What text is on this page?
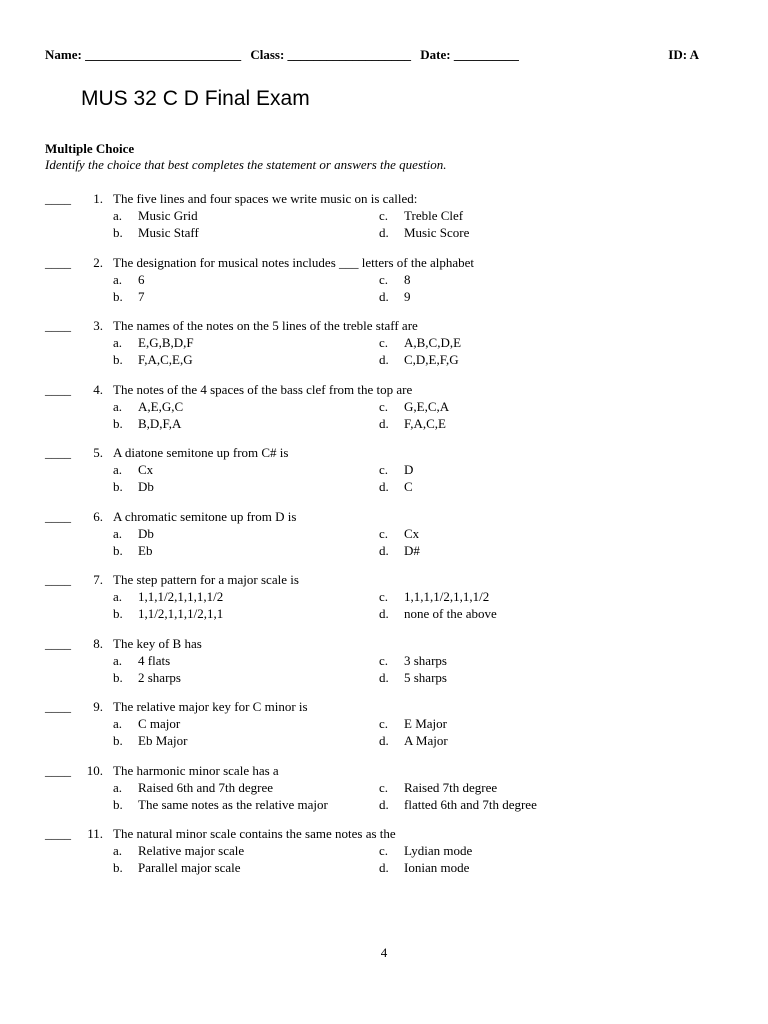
Name: ________________________ Class: ___________________ Date: __________	ID: A
MUS 32 C D Final Exam
Multiple Choice
Identify the choice that best completes the statement or answers the question.
____	1. The five lines and four spaces we write music on is called:
a.	Music Grid	c.	Treble Clef
b.	Music Staff	d.	Music Score
____	2. The designation for musical notes includes ___ letters of the alphabet
a.	6	c.	8
b.	7	d.	9
____	3. The names of the notes on the 5 lines of the treble staff are
a.	E,G,B,D,F	c.	A,B,C,D,E
b.	F,A,C,E,G	d.	C,D,E,F,G
____	4. The notes of the 4 spaces of the bass clef from the top are
a.	A,E,G,C	c.	G,E,C,A
b.	B,D,F,A	d.	F,A,C,E
____	5. A diatone semitone up from C# is
a.	Cx	c.	D
b.	Db	d.	C
____	6. A chromatic semitone up from D is
a.	Db	c.	Cx
b.	Eb	d.	D#
____	7. The step pattern for a major scale is
a.	1,1,1/2,1,1,1,1/2	c.	1,1,1,1/2,1,1,1/2
b.	1,1/2,1,1,1/2,1,1	d.	none of the above
____	8. The key of B has
a.	4 flats	c.	3 sharps
b.	2 sharps	d.	5 sharps
____	9. The relative major key for C minor is
a.	C major	c.	E Major
b.	Eb Major	d.	A Major
____	10. The harmonic minor scale has a
a.	Raised 6th and 7th degree	c.	Raised 7th degree
b.	The same notes as the relative major	d.	flatted 6th and 7th degree
____	11. The natural minor scale contains the same notes as the
a.	Relative major scale	c.	Lydian mode
b.	Parallel major scale	d.	Ionian mode
4
